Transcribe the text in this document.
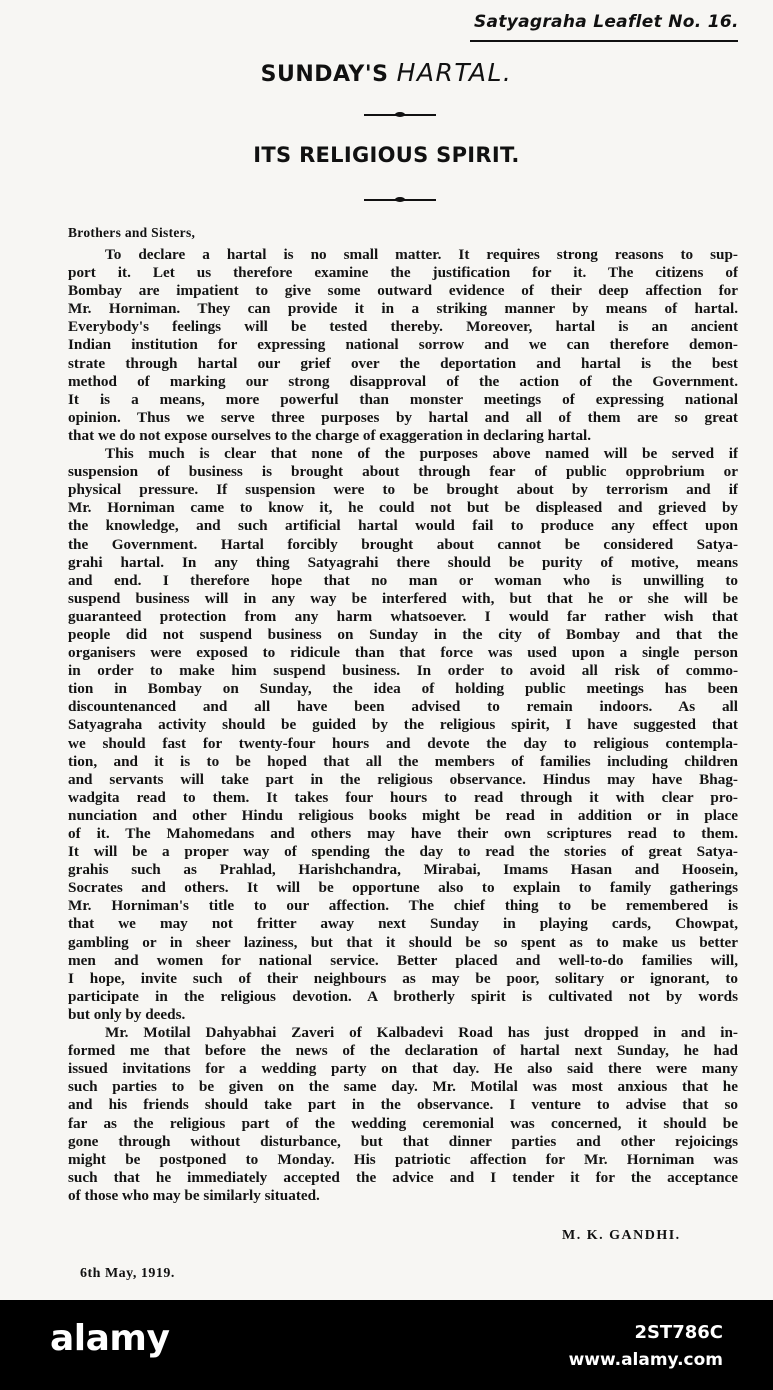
Satyagraha Leaflet No. 16.
SUNDAY'S HARTAL.
ITS RELIGIOUS SPIRIT.
Brothers and Sisters,
To declare a hartal is no small matter. It requires strong reasons to sup-
port it. Let us therefore examine the justification for it. The citizens of
Bombay are impatient to give some outward evidence of their deep affection for
Mr. Horniman. They can provide it in a striking manner by means of hartal.
Everybody's feelings will be tested thereby. Moreover, hartal is an ancient
Indian institution for expressing national sorrow and we can therefore demon-
strate through hartal our grief over the deportation and hartal is the best
method of marking our strong disapproval of the action of the Government.
It is a means, more powerful than monster meetings of expressing national
opinion. Thus we serve three purposes by hartal and all of them are so great
that we do not expose ourselves to the charge of exaggeration in declaring hartal.
This much is clear that none of the purposes above named will be served if
suspension of business is brought about through fear of public opprobrium or
physical pressure. If suspension were to be brought about by terrorism and if
Mr. Horniman came to know it, he could not but be displeased and grieved by
the knowledge, and such artificial hartal would fail to produce any effect upon
the Government. Hartal forcibly brought about cannot be considered Satya-
grahi hartal. In any thing Satyagrahi there should be purity of motive, means
and end. I therefore hope that no man or woman who is unwilling to
suspend business will in any way be interfered with, but that he or she will be
guaranteed protection from any harm whatsoever. I would far rather wish that
people did not suspend business on Sunday in the city of Bombay and that the
organisers were exposed to ridicule than that force was used upon a single person
in order to make him suspend business. In order to avoid all risk of commo-
tion in Bombay on Sunday, the idea of holding public meetings has been
discountenanced and all have been advised to remain indoors. As all
Satyagraha activity should be guided by the religious spirit, I have suggested that
we should fast for twenty-four hours and devote the day to religious contempla-
tion, and it is to be hoped that all the members of families including children
and servants will take part in the religious observance. Hindus may have Bhag-
wadgita read to them. It takes four hours to read through it with clear pro-
nunciation and other Hindu religious books might be read in addition or in place
of it. The Mahomedans and others may have their own scriptures read to them.
It will be a proper way of spending the day to read the stories of great Satya-
grahis such as Prahlad, Harishchandra, Mirabai, Imams Hasan and Hoosein,
Socrates and others. It will be opportune also to explain to family gatherings
Mr. Horniman's title to our affection. The chief thing to be remembered is
that we may not fritter away next Sunday in playing cards, Chowpat,
gambling or in sheer laziness, but that it should be so spent as to make us better
men and women for national service. Better placed and well-to-do families will,
I hope, invite such of their neighbours as may be poor, solitary or ignorant, to
participate in the religious devotion. A brotherly spirit is cultivated not by words
but only by deeds.
Mr. Motilal Dahyabhai Zaveri of Kalbadevi Road has just dropped in and in-
formed me that before the news of the declaration of hartal next Sunday, he had
issued invitations for a wedding party on that day. He also said there were many
such parties to be given on the same day. Mr. Motilal was most anxious that he
and his friends should take part in the observance. I venture to advise that so
far as the religious part of the wedding ceremonial was concerned, it should be
gone through without disturbance, but that dinner parties and other rejoicings
might be postponed to Monday. His patriotic affection for Mr. Horniman was
such that he immediately accepted the advice and I tender it for the acceptance
of those who may be similarly situated.
M. K. GANDHI.
6th May, 1919.
alamy	2ST786C
www.alamy.com
